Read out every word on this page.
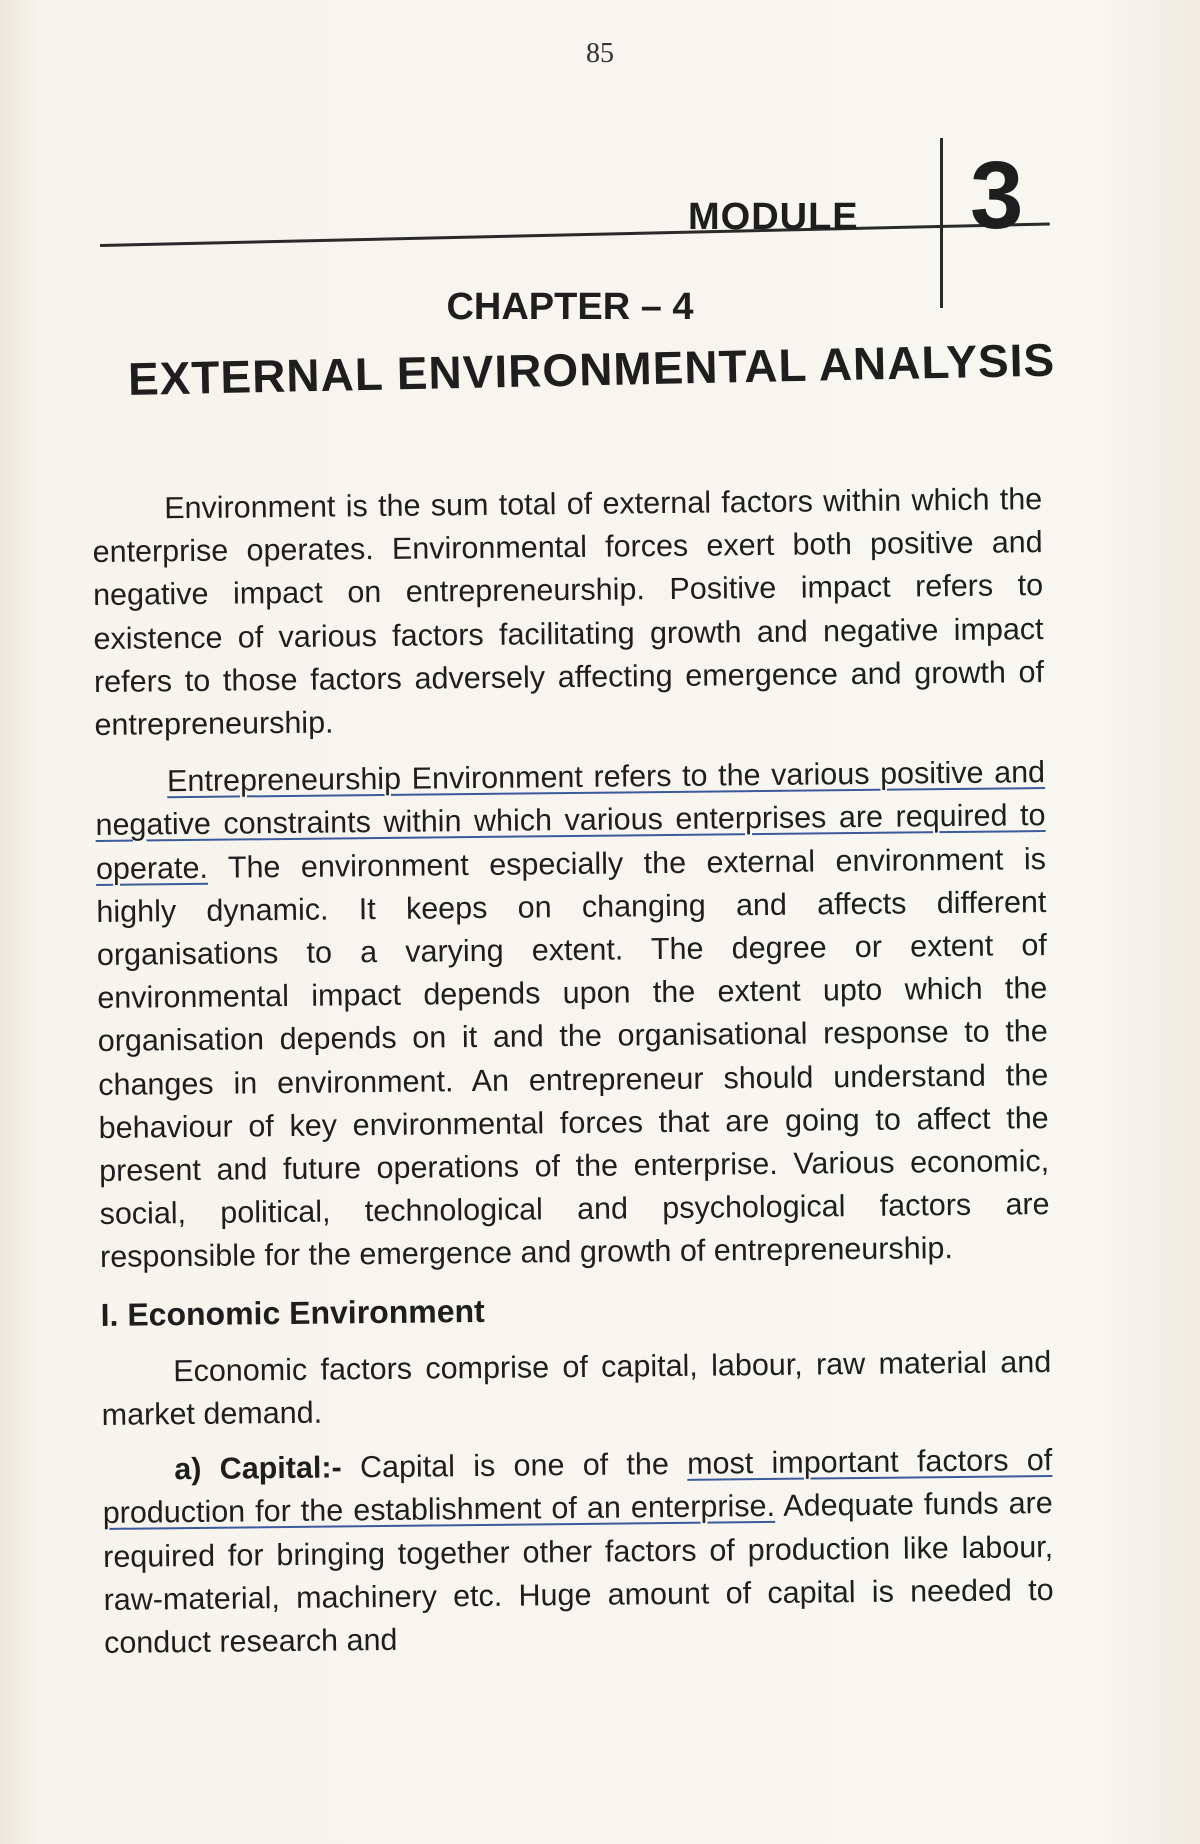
85
MODULE 3
CHAPTER – 4
EXTERNAL ENVIRONMENTAL ANALYSIS

Environment is the sum total of external factors within which the enterprise operates. Environmental forces exert both positive and negative impact on entrepreneurship. Positive impact refers to existence of various factors facilitating growth and negative impact refers to those factors adversely affecting emergence and growth of entrepreneurship.

Entrepreneurship Environment refers to the various positive and negative constraints within which various enterprises are required to operate. The environment especially the external environment is highly dynamic. It keeps on changing and affects different organisations to a varying extent. The degree or extent of environmental impact depends upon the extent upto which the organisation depends on it and the organisational response to the changes in environment. An entrepreneur should understand the behaviour of key environmental forces that are going to affect the present and future operations of the enterprise. Various economic, social, political, technological and psychological factors are responsible for the emergence and growth of entrepreneurship.

I. Economic Environment

Economic factors comprise of capital, labour, raw material and market demand.

a) Capital:- Capital is one of the most important factors of production for the establishment of an enterprise. Adequate funds are required for bringing together other factors of production like labour, raw-material, machinery etc. Huge amount of capital is needed to conduct research and
